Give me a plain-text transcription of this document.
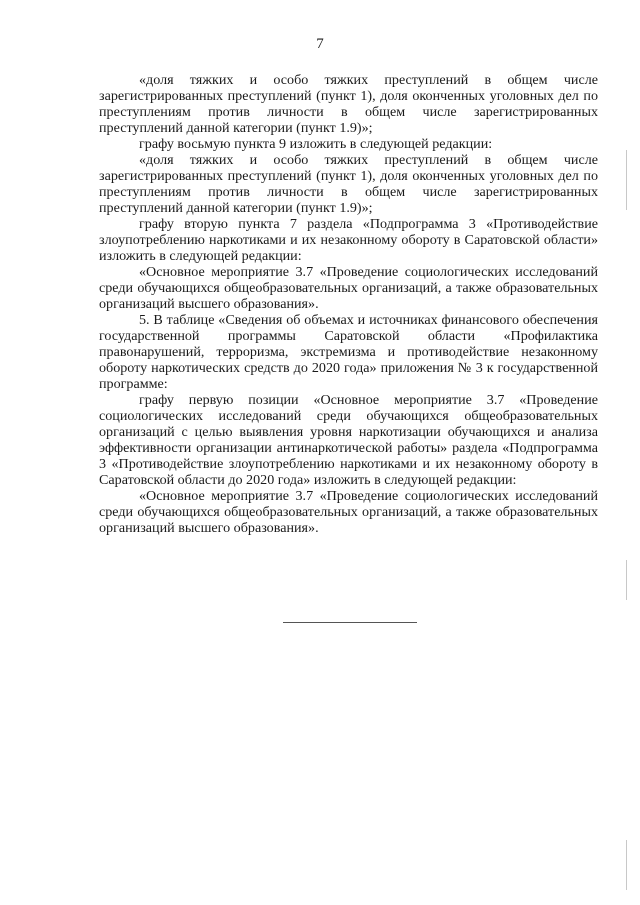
7

«доля тяжких и особо тяжких преступлений в общем числе зарегистрированных преступлений (пункт 1), доля оконченных уголовных дел по преступлениям против личности в общем числе зарегистрированных преступлений данной категории (пункт 1.9)»;

графу восьмую пункта 9 изложить в следующей редакции:

«доля тяжких и особо тяжких преступлений в общем числе зарегистрированных преступлений (пункт 1), доля оконченных уголовных дел по преступлениям против личности в общем числе зарегистрированных преступлений данной категории (пункт 1.9)»;

графу вторую пункта 7 раздела «Подпрограмма 3 «Противодействие злоупотреблению наркотиками и их незаконному обороту в Саратовской области» изложить в следующей редакции:

«Основное мероприятие 3.7 «Проведение социологических исследований среди обучающихся общеобразовательных организаций, а также образовательных организаций высшего образования».

5. В таблице «Сведения об объемах и источниках финансового обеспечения государственной программы Саратовской области «Профилактика правонарушений, терроризма, экстремизма и противодействие незаконному обороту наркотических средств до 2020 года» приложения № 3 к государственной программе:

графу первую позиции «Основное мероприятие 3.7 «Проведение социологических исследований среди обучающихся общеобразовательных организаций с целью выявления уровня наркотизации обучающихся и анализа эффективности организации антинаркотической работы» раздела «Подпрограмма 3 «Противодействие злоупотреблению наркотиками и их незаконному обороту в Саратовской области до 2020 года» изложить в следующей редакции:

«Основное мероприятие 3.7 «Проведение социологических исследований среди обучающихся общеобразовательных организаций, а также образовательных организаций высшего образования».
